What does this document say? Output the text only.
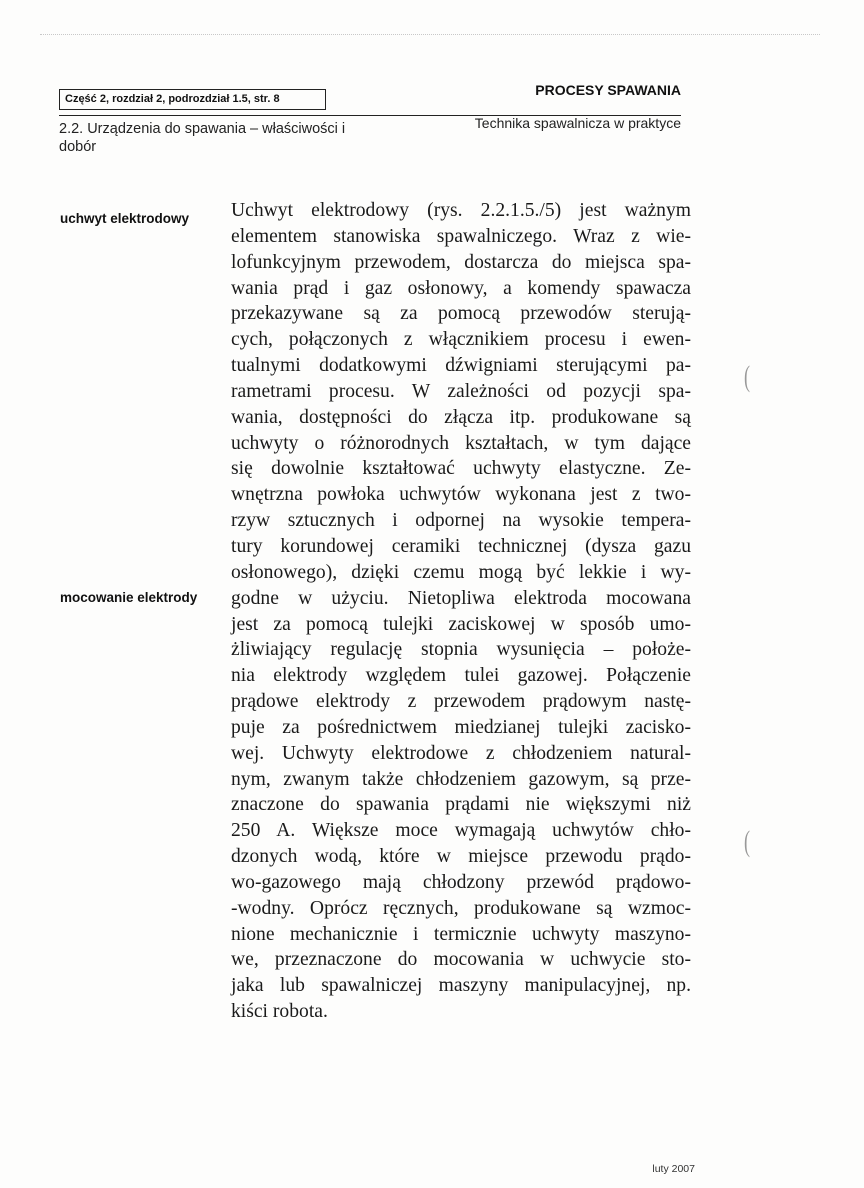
Część 2, rozdział 2, podrozdział 1.5, str. 8
PROCESY SPAWANIA
2.2. Urządzenia do spawania – właściwości i dobór
Technika spawalnicza w praktyce
uchwyt elektrodowy
mocowanie elektrody
Uchwyt elektrodowy (rys. 2.2.1.5./5) jest ważnym
elementem stanowiska spawalniczego. Wraz z wie-
lofunkcyjnym przewodem, dostarcza do miejsca spa-
wania prąd i gaz osłonowy, a komendy spawacza
przekazywane są za pomocą przewodów sterują-
cych, połączonych z włącznikiem procesu i ewen-
tualnymi dodatkowymi dźwigniami sterującymi pa-
rametrami procesu. W zależności od pozycji spa-
wania, dostępności do złącza itp. produkowane są
uchwyty o różnorodnych kształtach, w tym dające
się dowolnie kształtować uchwyty elastyczne. Ze-
wnętrzna powłoka uchwytów wykonana jest z two-
rzyw sztucznych i odpornej na wysokie tempera-
tury korundowej ceramiki technicznej (dysza gazu
osłonowego), dzięki czemu mogą być lekkie i wy-
godne w użyciu. Nietopliwa elektroda mocowana
jest za pomocą tulejki zaciskowej w sposób umo-
żliwiający regulację stopnia wysunięcia – położe-
nia elektrody względem tulei gazowej. Połączenie
prądowe elektrody z przewodem prądowym nastę-
puje za pośrednictwem miedzianej tulejki zacisko-
wej. Uchwyty elektrodowe z chłodzeniem natural-
nym, zwanym także chłodzeniem gazowym, są prze-
znaczone do spawania prądami nie większymi niż
250 A. Większe moce wymagają uchwytów chło-
dzonych wodą, które w miejsce przewodu prądo-
wo-gazowego mają chłodzony przewód prądowo-
-wodny. Oprócz ręcznych, produkowane są wzmoc-
nione mechanicznie i termicznie uchwyty maszyno-
we, przeznaczone do mocowania w uchwycie sto-
jaka lub spawalniczej maszyny manipulacyjnej, np.
kiści robota.
(
(
luty 2007
